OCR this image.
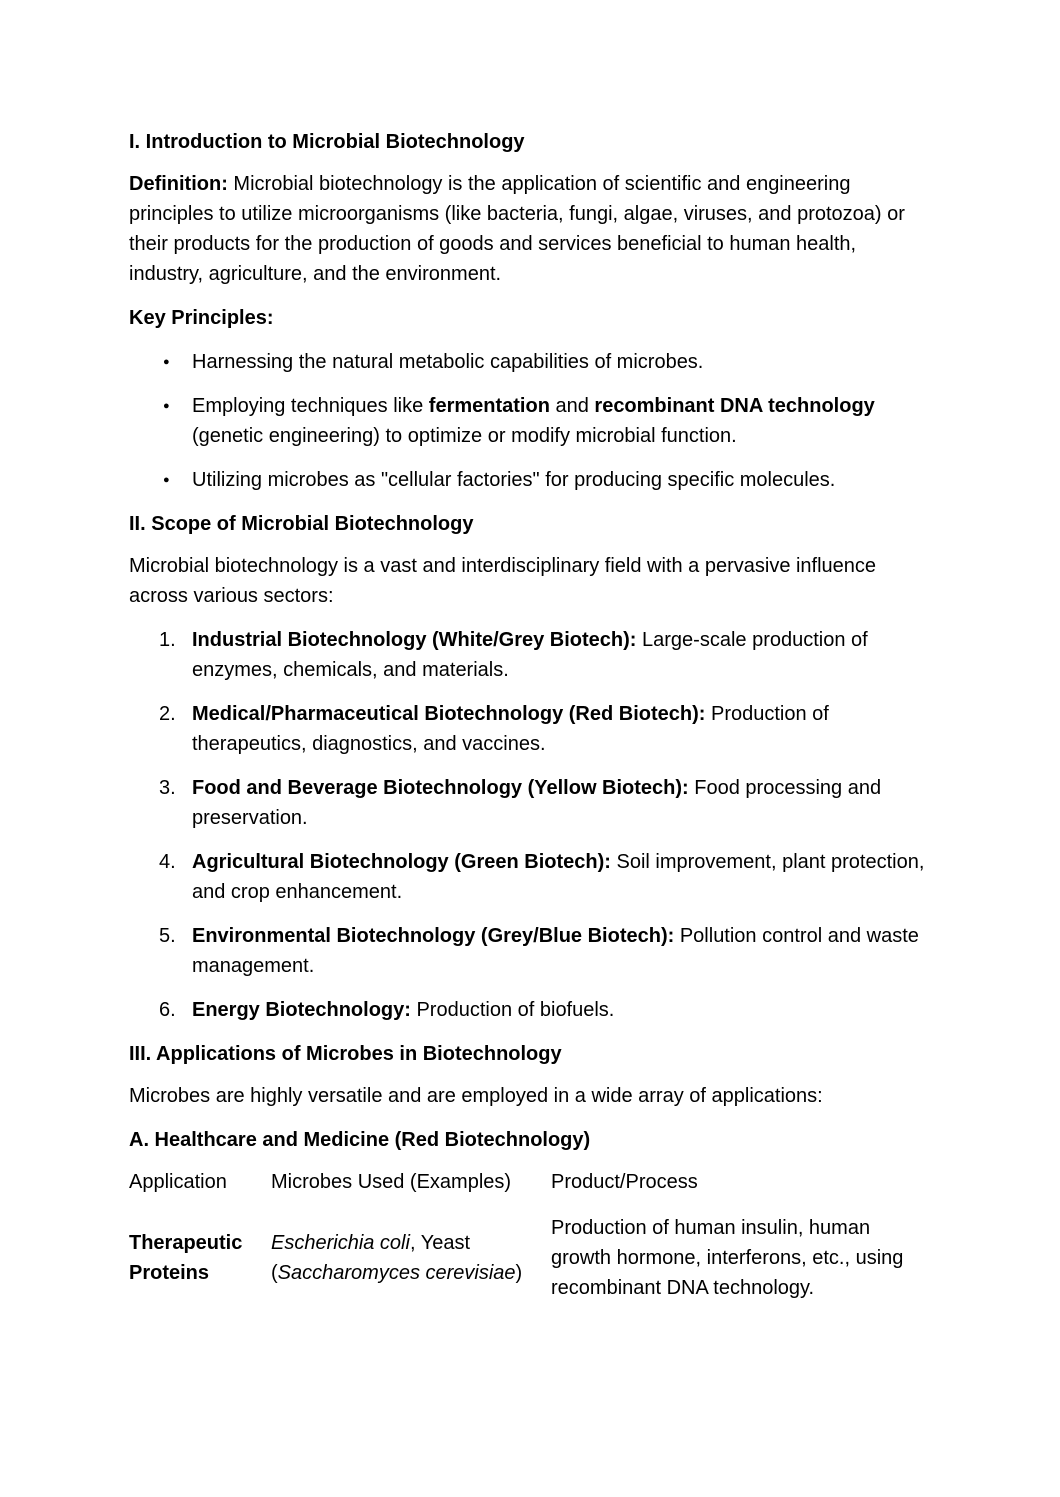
I. Introduction to Microbial Biotechnology

Definition: Microbial biotechnology is the application of scientific and engineering principles to utilize microorganisms (like bacteria, fungi, algae, viruses, and protozoa) or their products for the production of goods and services beneficial to human health, industry, agriculture, and the environment.

Key Principles:

● Harnessing the natural metabolic capabilities of microbes.
● Employing techniques like fermentation and recombinant DNA technology (genetic engineering) to optimize or modify microbial function.
● Utilizing microbes as "cellular factories" for producing specific molecules.
II. Scope of Microbial Biotechnology

Microbial biotechnology is a vast and interdisciplinary field with a pervasive influence across various sectors:

1. Industrial Biotechnology (White/Grey Biotech): Large-scale production of enzymes, chemicals, and materials.
2. Medical/Pharmaceutical Biotechnology (Red Biotech): Production of therapeutics, diagnostics, and vaccines.
3. Food and Beverage Biotechnology (Yellow Biotech): Food processing and preservation.
4. Agricultural Biotechnology (Green Biotech): Soil improvement, plant protection, and crop enhancement.
5. Environmental Biotechnology (Grey/Blue Biotech): Pollution control and waste management.
6. Energy Biotechnology: Production of biofuels.
III. Applications of Microbes in Biotechnology

Microbes are highly versatile and are employed in a wide array of applications:

A. Healthcare and Medicine (Red Biotechnology)
Application	Microbes Used (Examples)	Product/Process
Therapeutic Proteins	Escherichia coli, Yeast (Saccharomyces cerevisiae)	Production of human insulin, human growth hormone, interferons, etc., using recombinant DNA technology.
